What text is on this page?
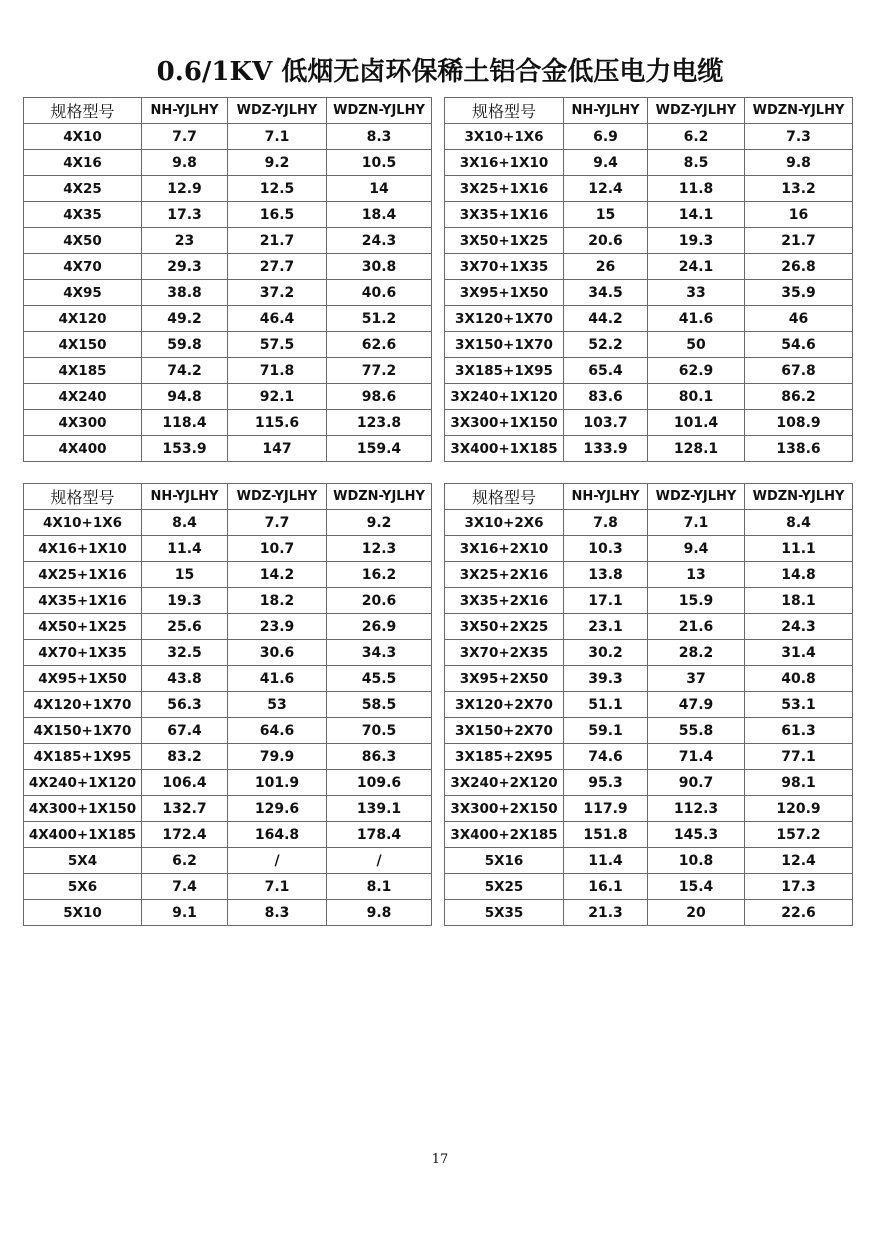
0.6/1KV 低烟无卤环保稀土铝合金低压电力电缆
规格型号	NH-YJLHY	WDZ-YJLHY	WDZN-YJLHY
4X10	7.7	7.1	8.3
4X16	9.8	9.2	10.5
4X25	12.9	12.5	14
4X35	17.3	16.5	18.4
4X50	23	21.7	24.3
4X70	29.3	27.7	30.8
4X95	38.8	37.2	40.6
4X120	49.2	46.4	51.2
4X150	59.8	57.5	62.6
4X185	74.2	71.8	77.2
4X240	94.8	92.1	98.6
4X300	118.4	115.6	123.8
4X400	153.9	147	159.4
规格型号	NH-YJLHY	WDZ-YJLHY	WDZN-YJLHY
3X10+1X6	6.9	6.2	7.3
3X16+1X10	9.4	8.5	9.8
3X25+1X16	12.4	11.8	13.2
3X35+1X16	15	14.1	16
3X50+1X25	20.6	19.3	21.7
3X70+1X35	26	24.1	26.8
3X95+1X50	34.5	33	35.9
3X120+1X70	44.2	41.6	46
3X150+1X70	52.2	50	54.6
3X185+1X95	65.4	62.9	67.8
3X240+1X120	83.6	80.1	86.2
3X300+1X150	103.7	101.4	108.9
3X400+1X185	133.9	128.1	138.6
规格型号	NH-YJLHY	WDZ-YJLHY	WDZN-YJLHY
4X10+1X6	8.4	7.7	9.2
4X16+1X10	11.4	10.7	12.3
4X25+1X16	15	14.2	16.2
4X35+1X16	19.3	18.2	20.6
4X50+1X25	25.6	23.9	26.9
4X70+1X35	32.5	30.6	34.3
4X95+1X50	43.8	41.6	45.5
4X120+1X70	56.3	53	58.5
4X150+1X70	67.4	64.6	70.5
4X185+1X95	83.2	79.9	86.3
4X240+1X120	106.4	101.9	109.6
4X300+1X150	132.7	129.6	139.1
4X400+1X185	172.4	164.8	178.4
5X4	6.2	/	/
5X6	7.4	7.1	8.1
5X10	9.1	8.3	9.8
规格型号	NH-YJLHY	WDZ-YJLHY	WDZN-YJLHY
3X10+2X6	7.8	7.1	8.4
3X16+2X10	10.3	9.4	11.1
3X25+2X16	13.8	13	14.8
3X35+2X16	17.1	15.9	18.1
3X50+2X25	23.1	21.6	24.3
3X70+2X35	30.2	28.2	31.4
3X95+2X50	39.3	37	40.8
3X120+2X70	51.1	47.9	53.1
3X150+2X70	59.1	55.8	61.3
3X185+2X95	74.6	71.4	77.1
3X240+2X120	95.3	90.7	98.1
3X300+2X150	117.9	112.3	120.9
3X400+2X185	151.8	145.3	157.2
5X16	11.4	10.8	12.4
5X25	16.1	15.4	17.3
5X35	21.3	20	22.6
17
